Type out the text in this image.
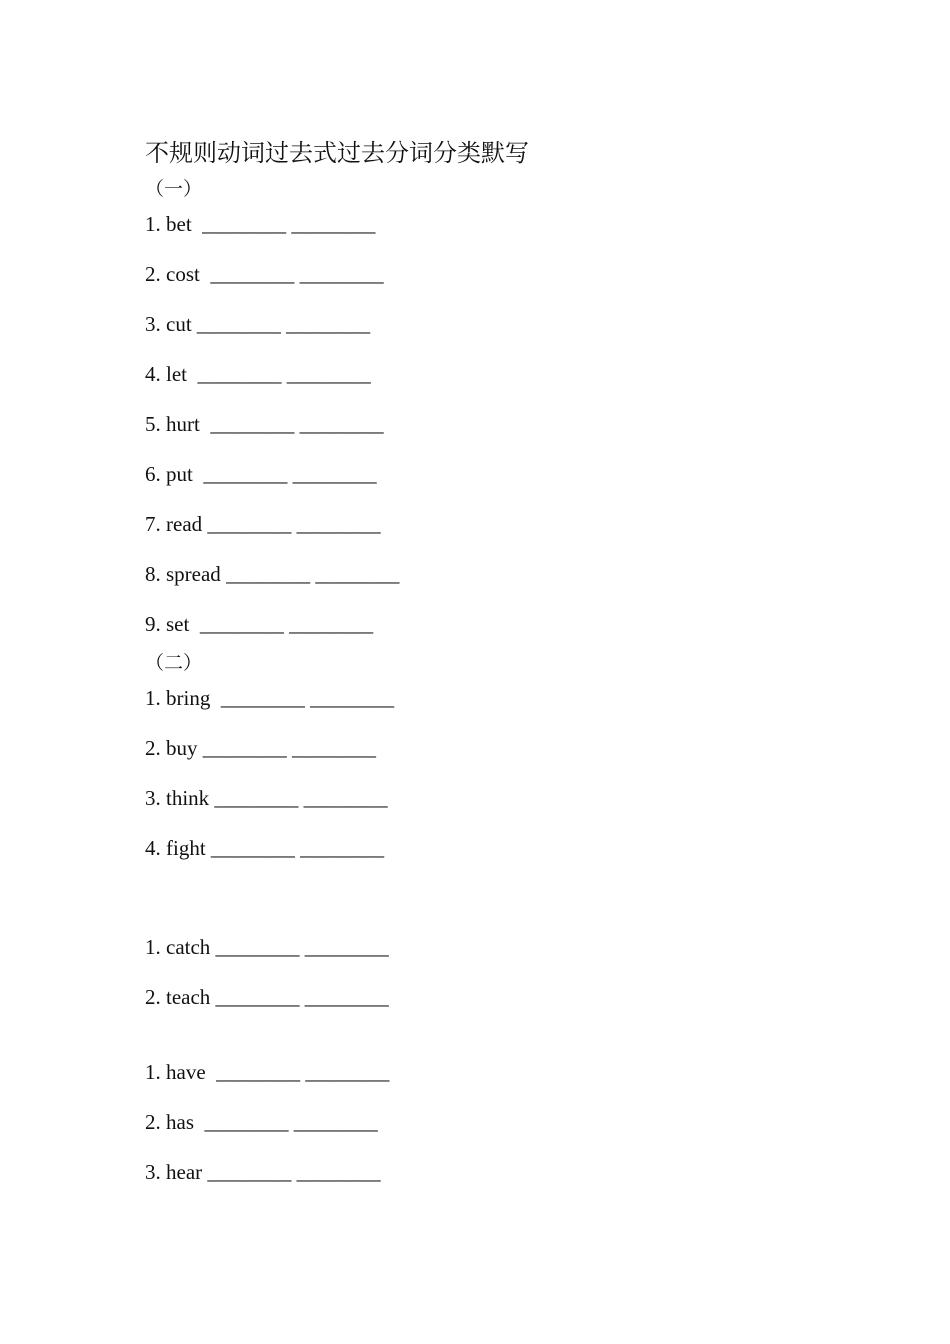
不规则动词过去式过去分词分类默写
（一）
1. bet ________ ________
2. cost ________ ________
3. cut ________ ________
4. let ________ ________
5. hurt ________ ________
6. put ________ ________
7. read ________ ________
8. spread ________ ________
9. set ________ ________
（二）
1. bring ________ ________
2. buy ________ ________
3. think ________ ________
4. fight ________ ________
1. catch ________ ________
2. teach ________ ________
1. have ________ ________
2. has ________ ________
3. hear ________ ________
